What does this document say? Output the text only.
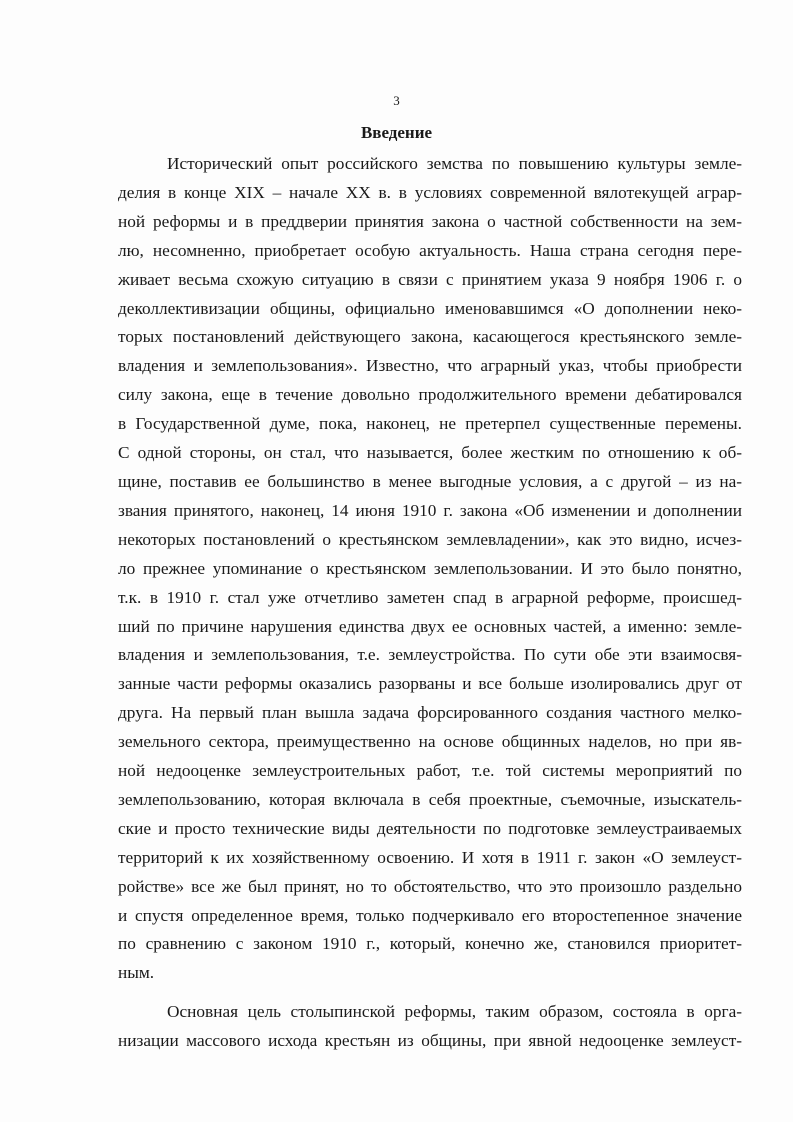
3
Введение

Исторический опыт российского земства по повышению культуры земле-
делия в конце XIX – начале XX в. в условиях современной вялотекущей аграр-
ной реформы и в преддверии принятия закона о частной собственности на зем-
лю, несомненно, приобретает особую актуальность. Наша страна сегодня пере-
живает весьма схожую ситуацию в связи с принятием указа 9 ноября 1906 г. о
деколлективизации общины, официально именовавшимся «О дополнении неко-
торых постановлений действующего закона, касающегося крестьянского земле-
владения и землепользования». Известно, что аграрный указ, чтобы приобрести
силу закона, еще в течение довольно продолжительного времени дебатировался
в Государственной думе, пока, наконец, не претерпел существенные перемены.
С одной стороны, он стал, что называется, более жестким по отношению к об-
щине, поставив ее большинство в менее выгодные условия, а с другой – из на-
звания принятого, наконец, 14 июня 1910 г. закона «Об изменении и дополнении
некоторых постановлений о крестьянском землевладении», как это видно, исчез-
ло прежнее упоминание о крестьянском землепользовании. И это было понятно,
т.к. в 1910 г. стал уже отчетливо заметен спад в аграрной реформе, происшед-
ший по причине нарушения единства двух ее основных частей, а именно: земле-
владения и землепользования, т.е. землеустройства. По сути обе эти взаимосвя-
занные части реформы оказались разорваны и все больше изолировались друг от
друга. На первый план вышла задача форсированного создания частного мелко-
земельного сектора, преимущественно на основе общинных наделов, но при яв-
ной недооценке землеустроительных работ, т.е. той системы мероприятий по
землепользованию, которая включала в себя проектные, съемочные, изыскатель-
ские и просто технические виды деятельности по подготовке землеустраиваемых
территорий к их хозяйственному освоению. И хотя в 1911 г. закон «О землеуст-
ройстве» все же был принят, но то обстоятельство, что это произошло раздельно
и спустя определенное время, только подчеркивало его второстепенное значение
по сравнению с законом 1910 г., который, конечно же, становился приоритет-
ным.

Основная цель столыпинской реформы, таким образом, состояла в орга-
низации массового исхода крестьян из общины, при явной недооценке землеуст-
